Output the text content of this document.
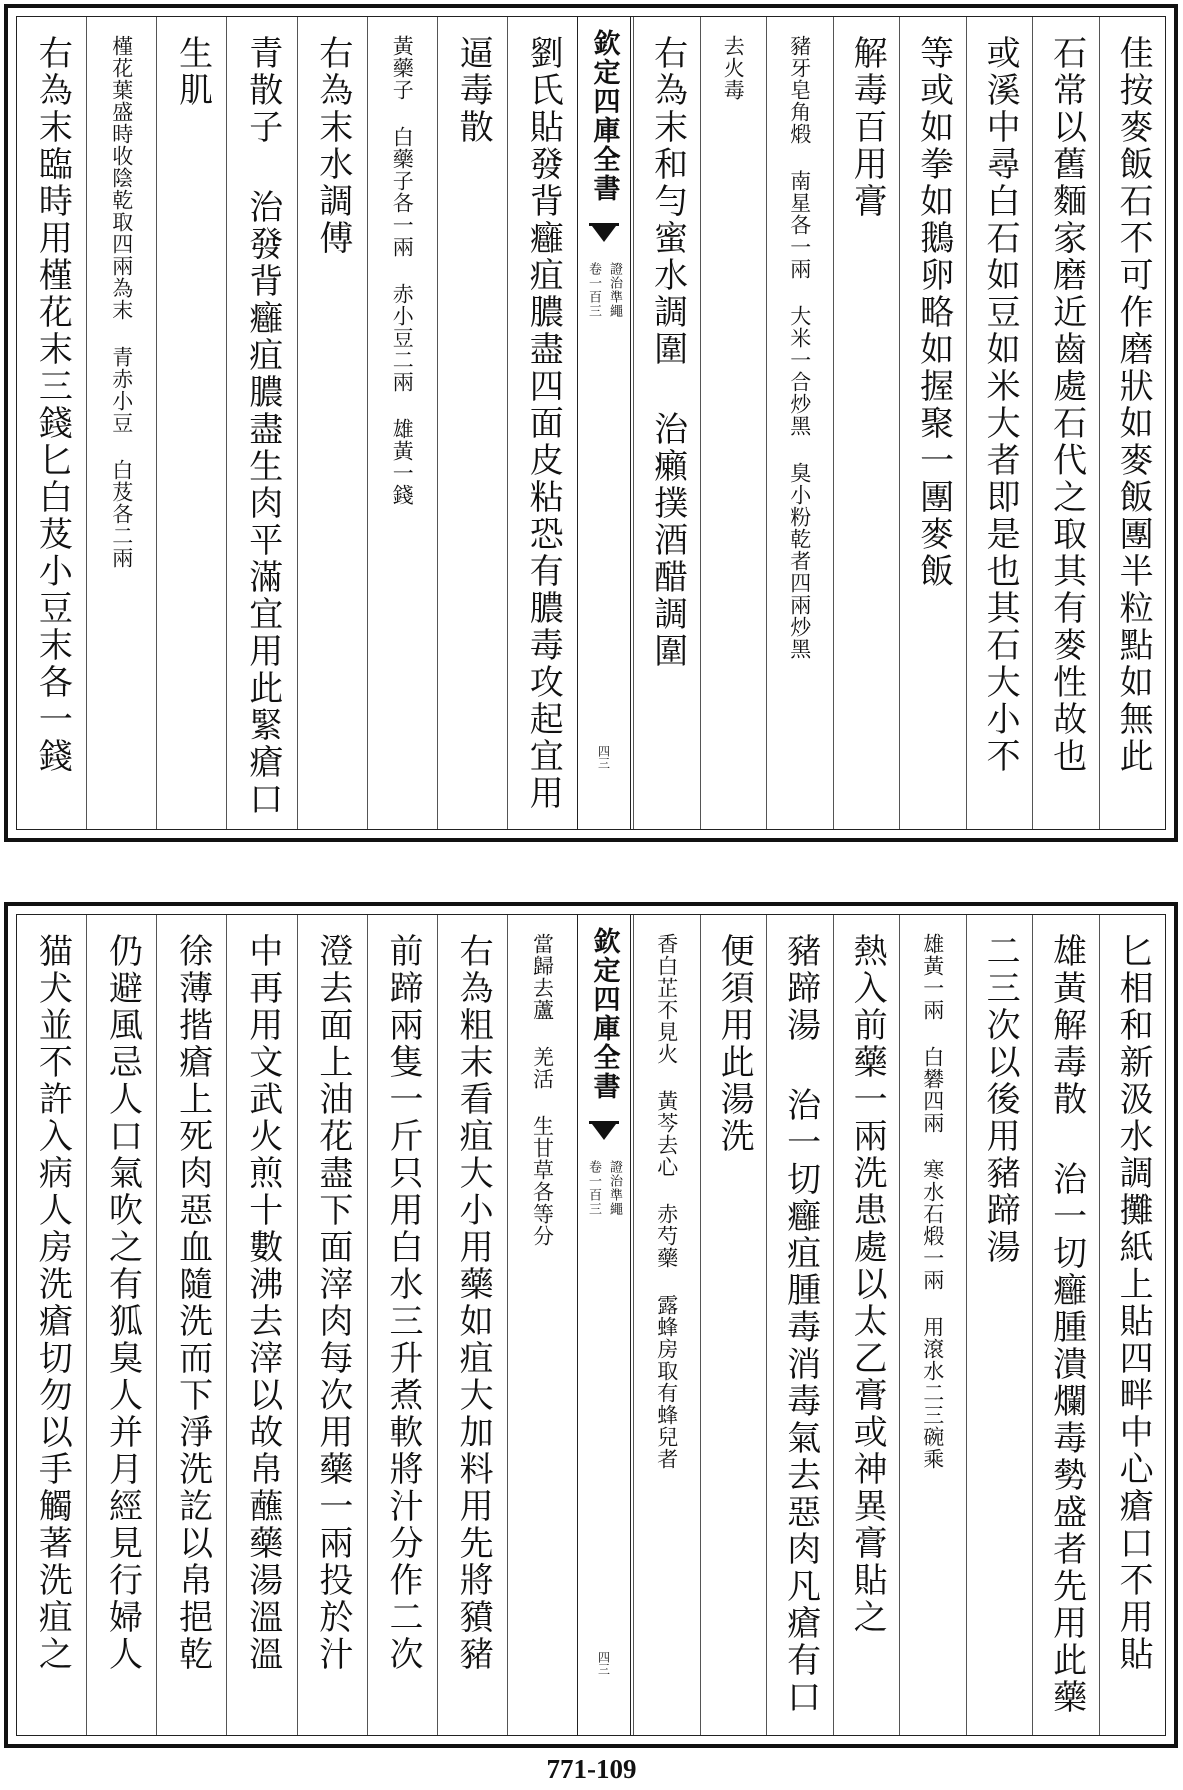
佳按麥飯石不可作磨狀如麥飯團半粒點如無此
石常以舊麵家磨近齒處石代之取其有麥性故也
或溪中尋白石如豆如米大者即是也其石大小不
等或如拳如鵝卵略如握聚一團麥飯
解毒百用膏
豬牙皂角煅 南星各一兩 大米一合炒黑 臭小粉乾者四兩炒黑
去火毒
右為末和勻蜜水調圍 治癩撲酒醋調圍
欽定四庫全書
證治準繩
卷一百三
四三
劉氏貼發背癰疽膿盡四面皮粘恐有膿毒攻起宜用
逼毒散
黃藥子 白藥子各一兩 赤小豆二兩 雄黃一錢
右為末水調傅
青散子 治發背癰疽膿盡生肉平滿宜用此緊瘡口
生肌
槿花葉盛時收陰乾取四兩為末 青赤小豆 白芨各二兩
右為末臨時用槿花末三錢匕白芨小豆末各一錢
匕相和新汲水調攤紙上貼四畔中心瘡口不用貼
雄黃解毒散 治一切癰腫潰爛毒勢盛者先用此藥
二三次以後用豬蹄湯
雄黃一兩 白礬四兩 寒水石煅一兩 用滾水二三碗乘
熱入前藥一兩洗患處以太乙膏或神異膏貼之
豬蹄湯 治一切癰疽腫毒消毒氣去惡肉凡瘡有口
便須用此湯洗
香白芷不見火 黃芩去心 赤芍藥 露蜂房取有蜂兒者
欽定四庫全書
證治準繩
卷一百三
四三
當歸去蘆 羌活 生甘草各等分
右為粗末看疽大小用藥如疽大加料用先將豶豬
前蹄兩隻一斤只用白水三升煮軟將汁分作二次
澄去面上油花盡下面滓肉每次用藥一兩投於汁
中再用文武火煎十數沸去滓以故帛蘸藥湯溫溫
徐薄揩瘡上死肉惡血隨洗而下淨洗訖以帛挹乾
仍避風忌人口氣吹之有狐臭人并月經見行婦人
猫犬並不許入病人房洗瘡切勿以手觸著洗疽之
771-109
